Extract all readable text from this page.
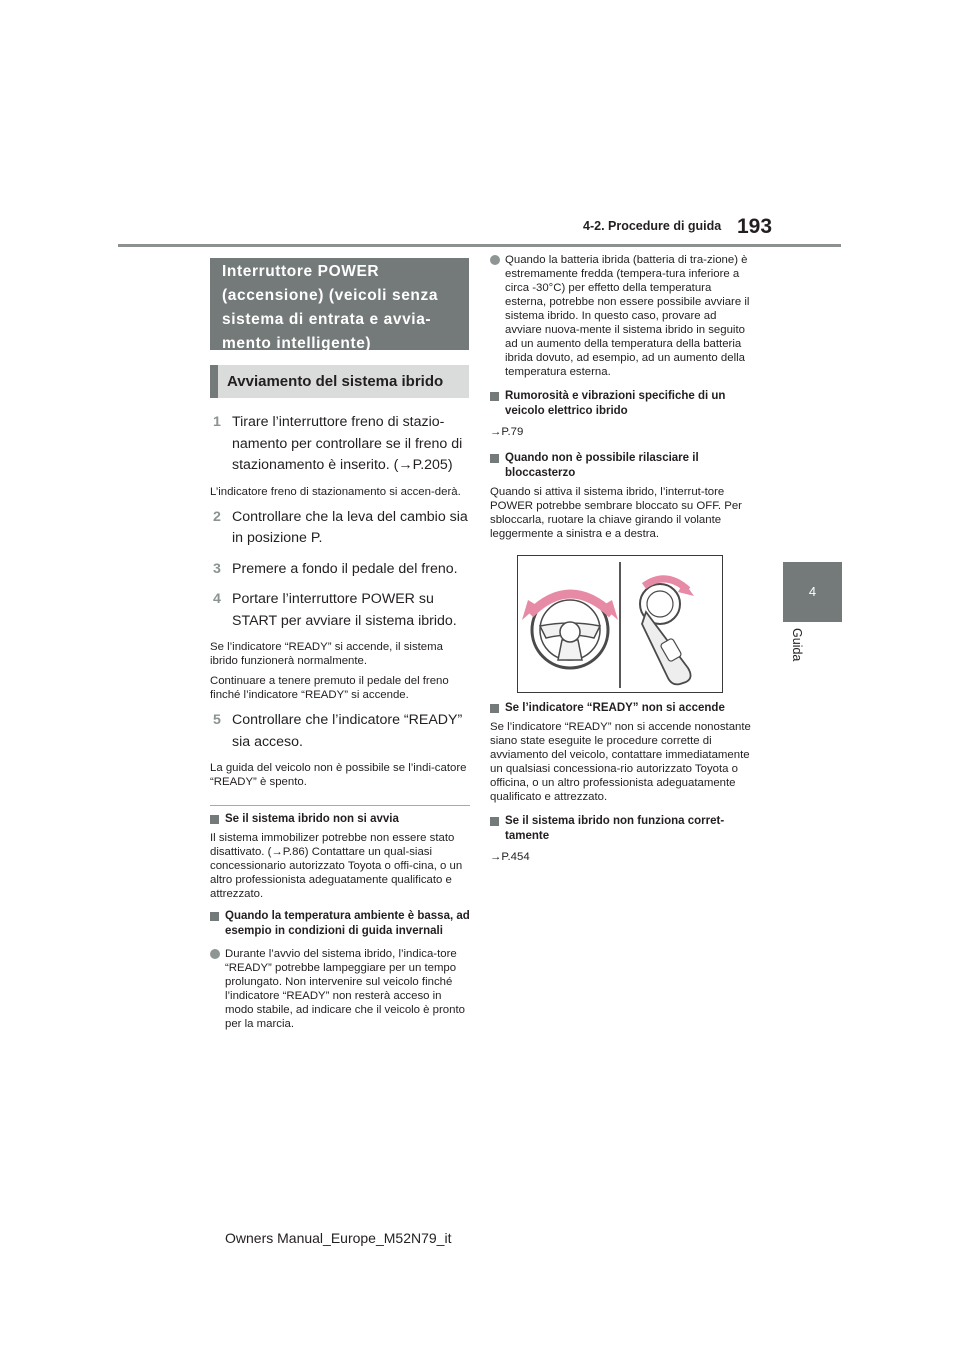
4-2. Procedure di guida 193
4
Guida
Interruttore POWER (accensione) (veicoli senza sistema di entrata e avvia-mento intelligente)
Avviamento del sistema ibrido
1 Tirare l’interruttore freno di stazio-namento per controllare se il freno di stazionamento è inserito. (→P.205)
L’indicatore freno di stazionamento si accen-derà.
2 Controllare che la leva del cambio sia in posizione P.
3 Premere a fondo il pedale del freno.
4 Portare l’interruttore POWER su START per avviare il sistema ibrido.
Se l’indicatore “READY” si accende, il sistema ibrido funzionerà normalmente.
Continuare a tenere premuto il pedale del freno finché l’indicatore “READY” si accende.
5 Controllare che l’indicatore “READY” sia acceso.
La guida del veicolo non è possibile se l’indi-catore “READY” è spento.
Se il sistema ibrido non si avvia
Il sistema immobilizer potrebbe non essere stato disattivato. (→P.86) Contattare un qual-siasi concessionario autorizzato Toyota o offi-cina, o un altro professionista adeguatamente qualificato e attrezzato.
Quando la temperatura ambiente è bassa, ad esempio in condizioni di guida invernali
Durante l’avvio del sistema ibrido, l’indica-tore “READY” potrebbe lampeggiare per un tempo prolungato. Non intervenire sul veicolo finché l’indicatore “READY” non resterà acceso in modo stabile, ad indicare che il veicolo è pronto per la marcia.
Quando la batteria ibrida (batteria di tra-zione) è estremamente fredda (tempera-tura inferiore a circa -30°C) per effetto della temperatura esterna, potrebbe non essere possibile avviare il sistema ibrido. In questo caso, provare ad avviare nuova-mente il sistema ibrido in seguito ad un aumento della temperatura della batteria ibrida dovuto, ad esempio, ad un aumento della temperatura esterna.
Rumorosità e vibrazioni specifiche di un veicolo elettrico ibrido
→P.79
Quando non è possibile rilasciare il bloccasterzo
Quando si attiva il sistema ibrido, l’interrut-tore POWER potrebbe sembrare bloccato su OFF. Per sbloccarla, ruotare la chiave girando il volante leggermente a sinistra e a destra.
Se l’indicatore “READY” non si accende
Se l’indicatore “READY” non si accende nonostante siano state eseguite le procedure corrette di avviamento del veicolo, contattare immediatamente un qualsiasi concessiona-rio autorizzato Toyota o officina, o un altro professionista adeguatamente qualificato e attrezzato.
Se il sistema ibrido non funziona corret-tamente
→P.454
Owners Manual_Europe_M52N79_it
